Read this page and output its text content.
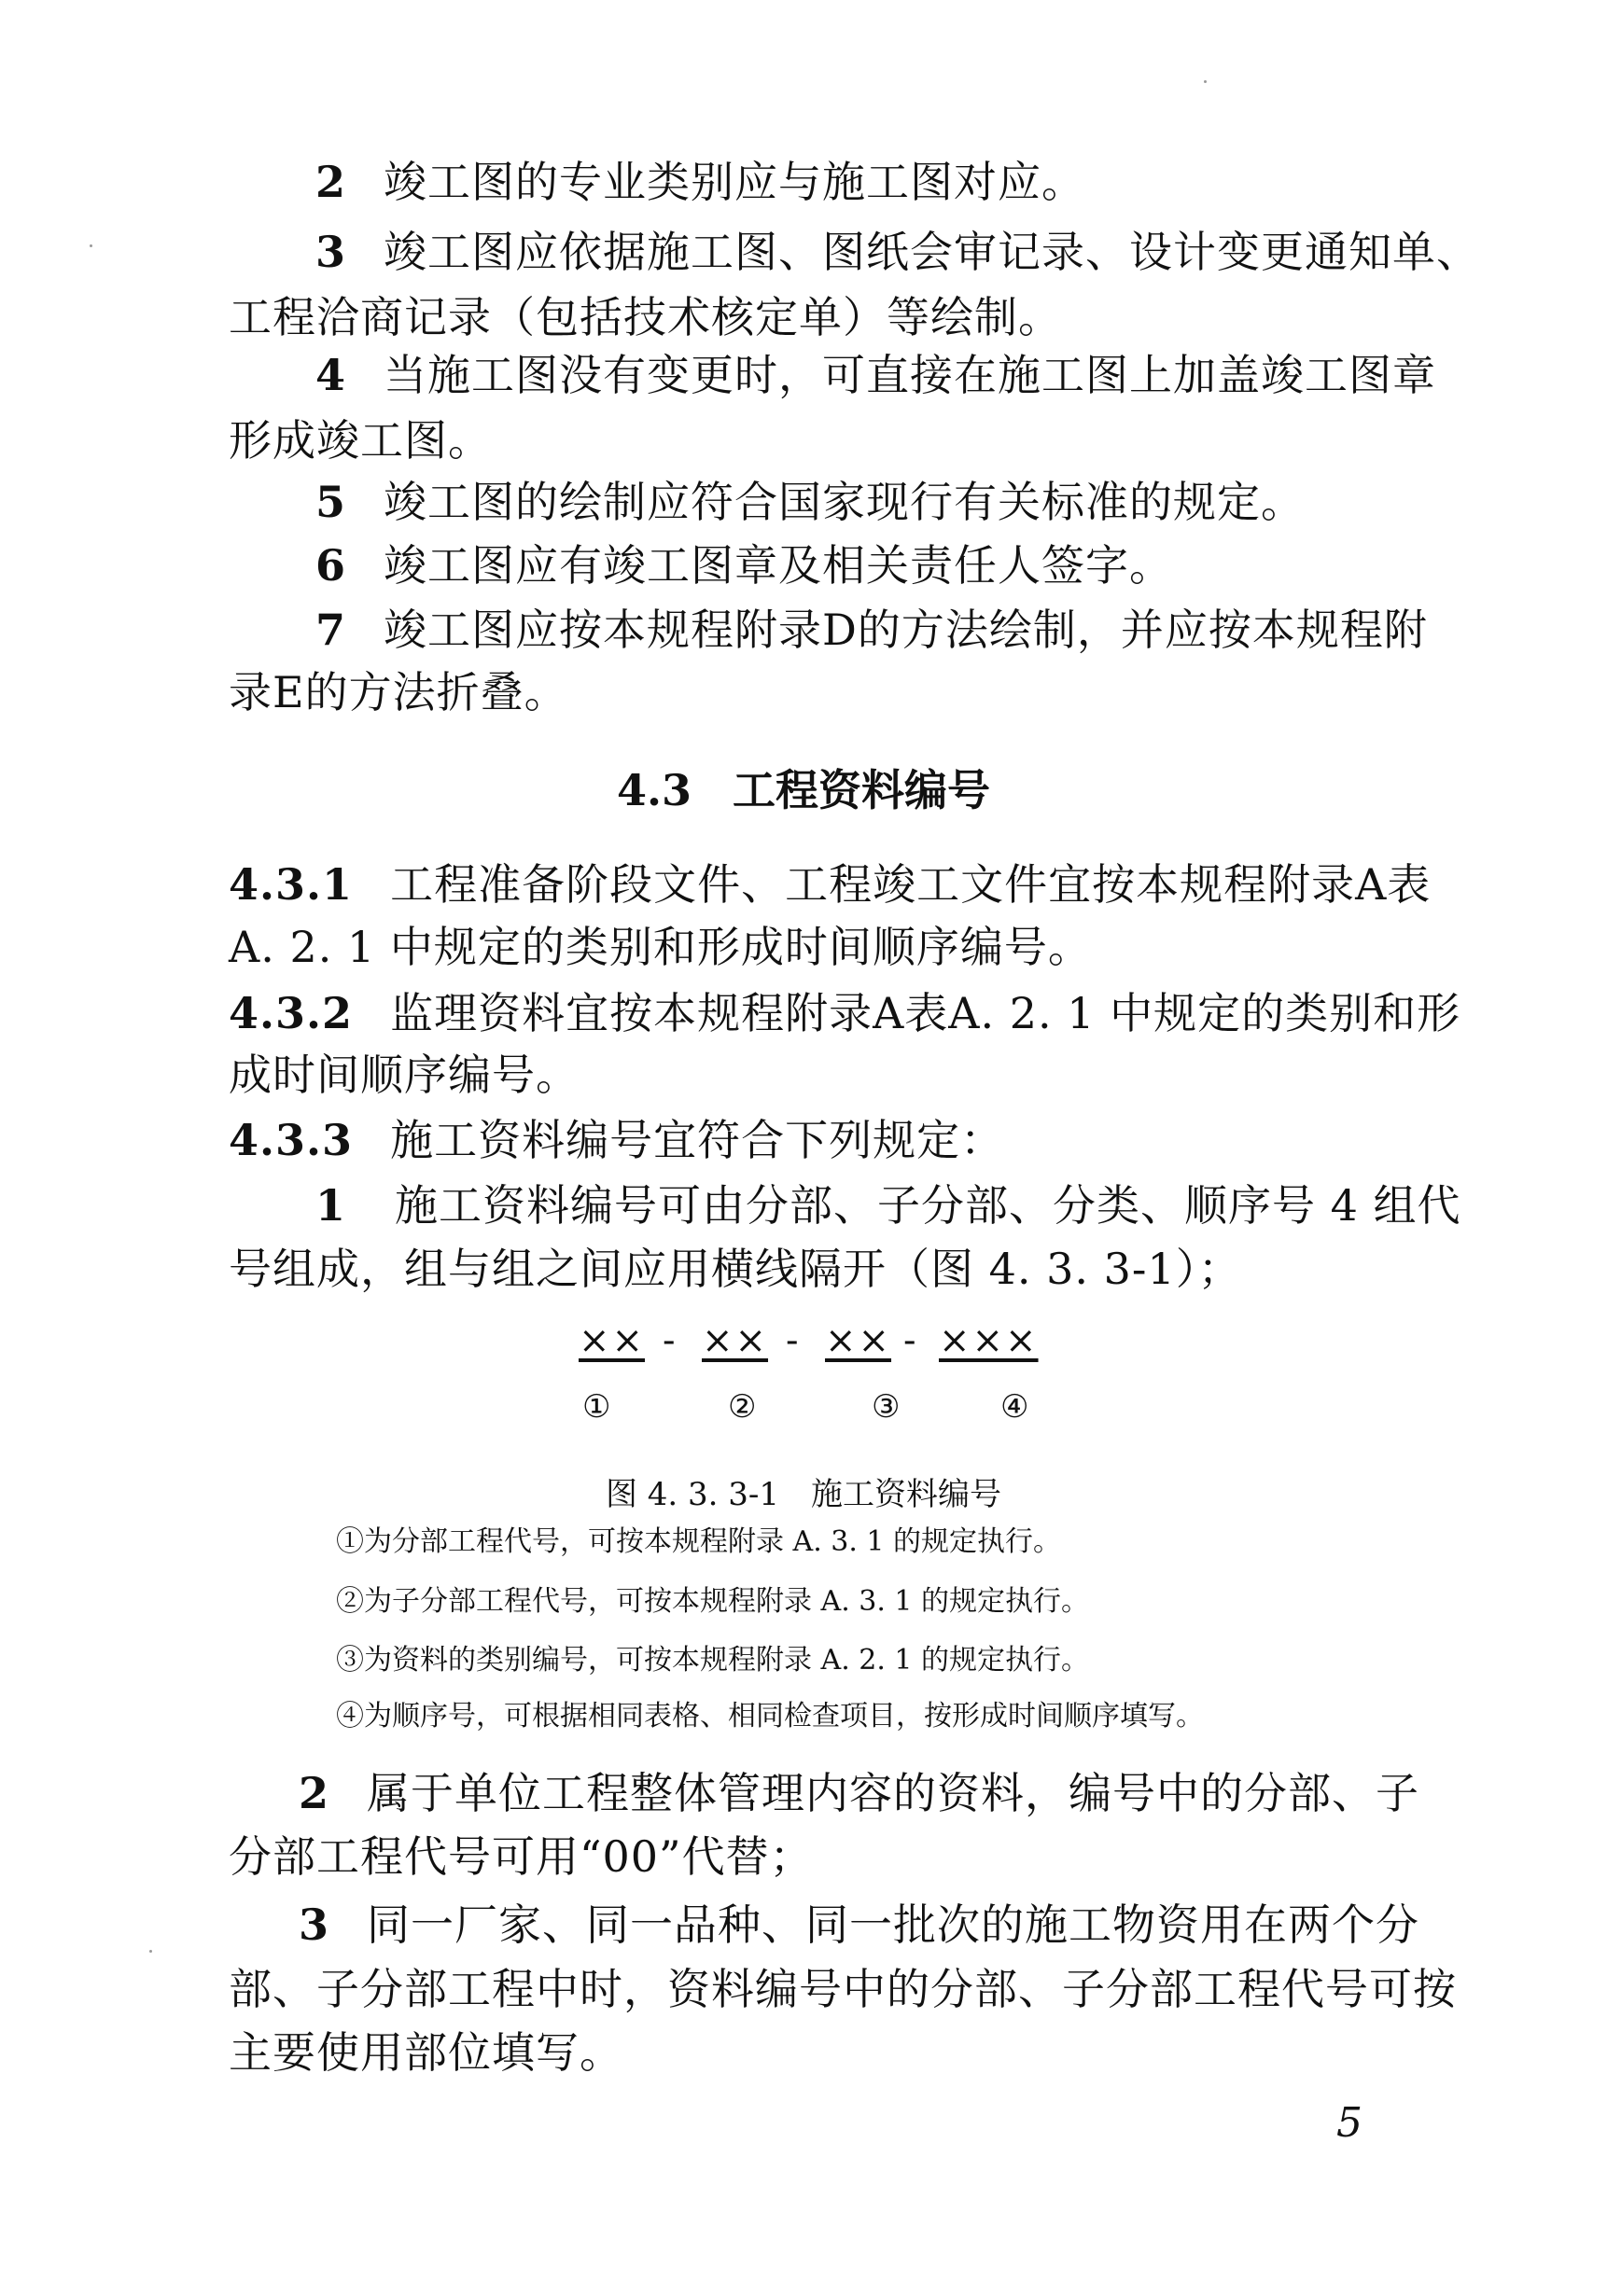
2 竣工图的专业类别应与施工图对应。
3 竣工图应依据施工图、图纸会审记录、设计变更通知单、
工程洽商记录（包括技术核定单）等绘制。
4 当施工图没有变更时，可直接在施工图上加盖竣工图章
形成竣工图。
5 竣工图的绘制应符合国家现行有关标准的规定。
6 竣工图应有竣工图章及相关责任人签字。
7 竣工图应按本规程附录D的方法绘制，并应按本规程附
录E的方法折叠。
4.3 工程资料编号
4.3.1 工程准备阶段文件、工程竣工文件宜按本规程附录A表
A. 2. 1 中规定的类别和形成时间顺序编号。
4.3.2 监理资料宜按本规程附录A表A. 2. 1 中规定的类别和形
成时间顺序编号。
4.3.3 施工资料编号宜符合下列规定：
1 施工资料编号可由分部、子分部、分类、顺序号 4 组代
号组成，组与组之间应用横线隔开（图 4. 3. 3-1）；
×× - ×× - ×× - ×××
①	②	③	④
图 4. 3. 3-1　施工资料编号
①为分部工程代号，可按本规程附录 A. 3. 1 的规定执行。
②为子分部工程代号，可按本规程附录 A. 3. 1 的规定执行。
③为资料的类别编号，可按本规程附录 A. 2. 1 的规定执行。
④为顺序号，可根据相同表格、相同检查项目，按形成时间顺序填写。
2 属于单位工程整体管理内容的资料，编号中的分部、子
分部工程代号可用“00”代替；
3 同一厂家、同一品种、同一批次的施工物资用在两个分
部、子分部工程中时，资料编号中的分部、子分部工程代号可按
主要使用部位填写。
5
